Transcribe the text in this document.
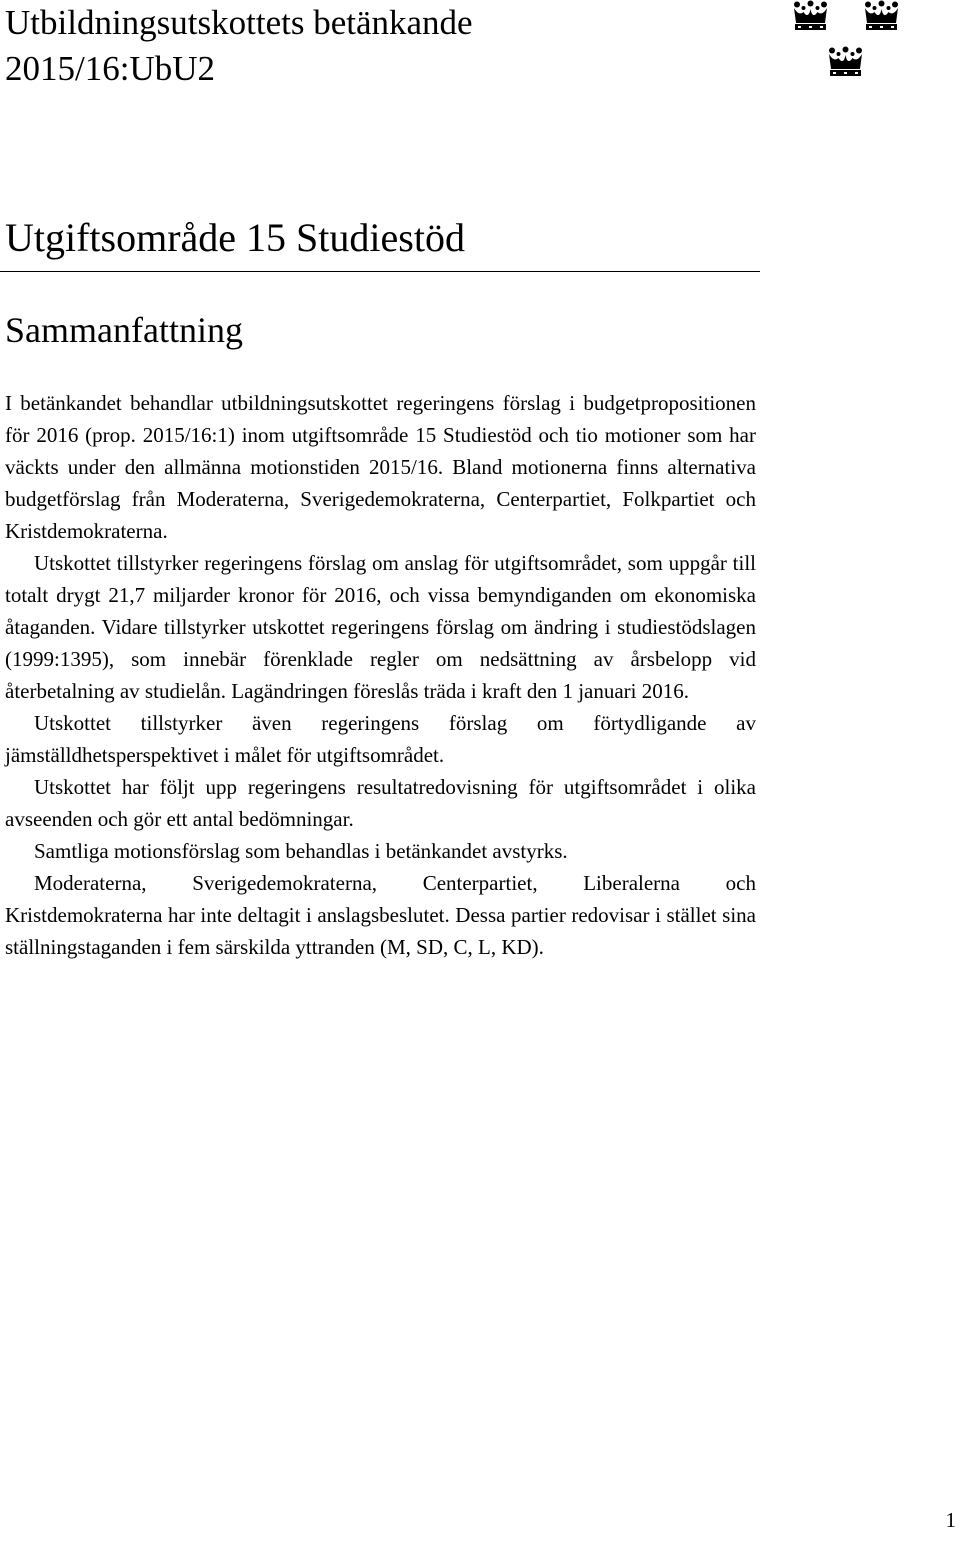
Utbildningsutskottets betänkande
2015/16:UbU2
Utgiftsområde 15 Studiestöd
Sammanfattning

I betänkandet behandlar utbildningsutskottet regeringens förslag i budgetpropositionen för 2016 (prop. 2015/16:1) inom utgiftsområde 15 Studiestöd och tio motioner som har väckts under den allmänna motionstiden 2015/16. Bland motionerna finns alternativa budgetförslag från Moderaterna, Sverigedemokraterna, Centerpartiet, Folkpartiet och Kristdemokraterna.

Utskottet tillstyrker regeringens förslag om anslag för utgiftsområdet, som uppgår till totalt drygt 21,7 miljarder kronor för 2016, och vissa bemyndiganden om ekonomiska åtaganden. Vidare tillstyrker utskottet regeringens förslag om ändring i studiestödslagen (1999:1395), som innebär förenklade regler om nedsättning av årsbelopp vid återbetalning av studielån. Lagändringen föreslås träda i kraft den 1 januari 2016.

Utskottet tillstyrker även regeringens förslag om förtydligande av jämställdhetsperspektivet i målet för utgiftsområdet.

Utskottet har följt upp regeringens resultatredovisning för utgiftsområdet i olika avseenden och gör ett antal bedömningar.

Samtliga motionsförslag som behandlas i betänkandet avstyrks.

Moderaterna, Sverigedemokraterna, Centerpartiet, Liberalerna och Kristdemokraterna har inte deltagit i anslagsbeslutet. Dessa partier redovisar i stället sina ställningstaganden i fem särskilda yttranden (M, SD, C, L, KD).

1
